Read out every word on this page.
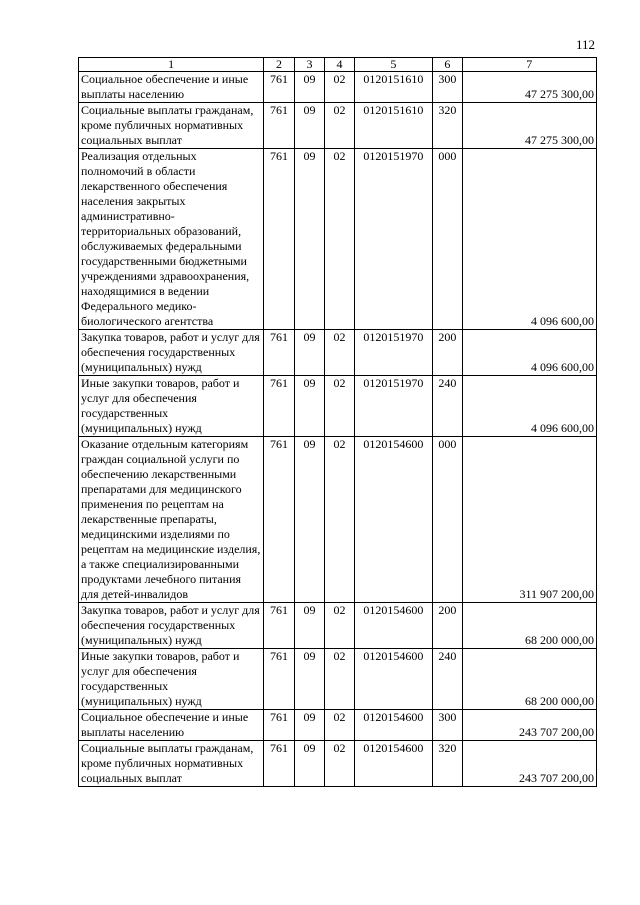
112
1	2	3	4	5	6	7
Социальное обеспечение и иные выплаты населению	761	09	02	0120151610	300	47 275 300,00
Социальные выплаты гражданам, кроме публичных нормативных социальных выплат	761	09	02	0120151610	320	47 275 300,00
Реализация отдельных полномочий в области лекарственного обеспечения населения закрытых административно-территориальных образований, обслуживаемых федеральными государственными бюджетными учреждениями здравоохранения, находящимися в ведении Федерального медико-биологического агентства	761	09	02	0120151970	000	4 096 600,00
Закупка товаров, работ и услуг для обеспечения государственных (муниципальных) нужд	761	09	02	0120151970	200	4 096 600,00
Иные закупки товаров, работ и услуг для обеспечения государственных (муниципальных) нужд	761	09	02	0120151970	240	4 096 600,00
Оказание отдельным категориям граждан социальной услуги по обеспечению лекарственными препаратами для медицинского применения по рецептам на лекарственные препараты, медицинскими изделиями по рецептам на медицинские изделия, а также специализированными продуктами лечебного питания для детей-инвалидов	761	09	02	0120154600	000	311 907 200,00
Закупка товаров, работ и услуг для обеспечения государственных (муниципальных) нужд	761	09	02	0120154600	200	68 200 000,00
Иные закупки товаров, работ и услуг для обеспечения государственных (муниципальных) нужд	761	09	02	0120154600	240	68 200 000,00
Социальное обеспечение и иные выплаты населению	761	09	02	0120154600	300	243 707 200,00
Социальные выплаты гражданам, кроме публичных нормативных социальных выплат	761	09	02	0120154600	320	243 707 200,00
